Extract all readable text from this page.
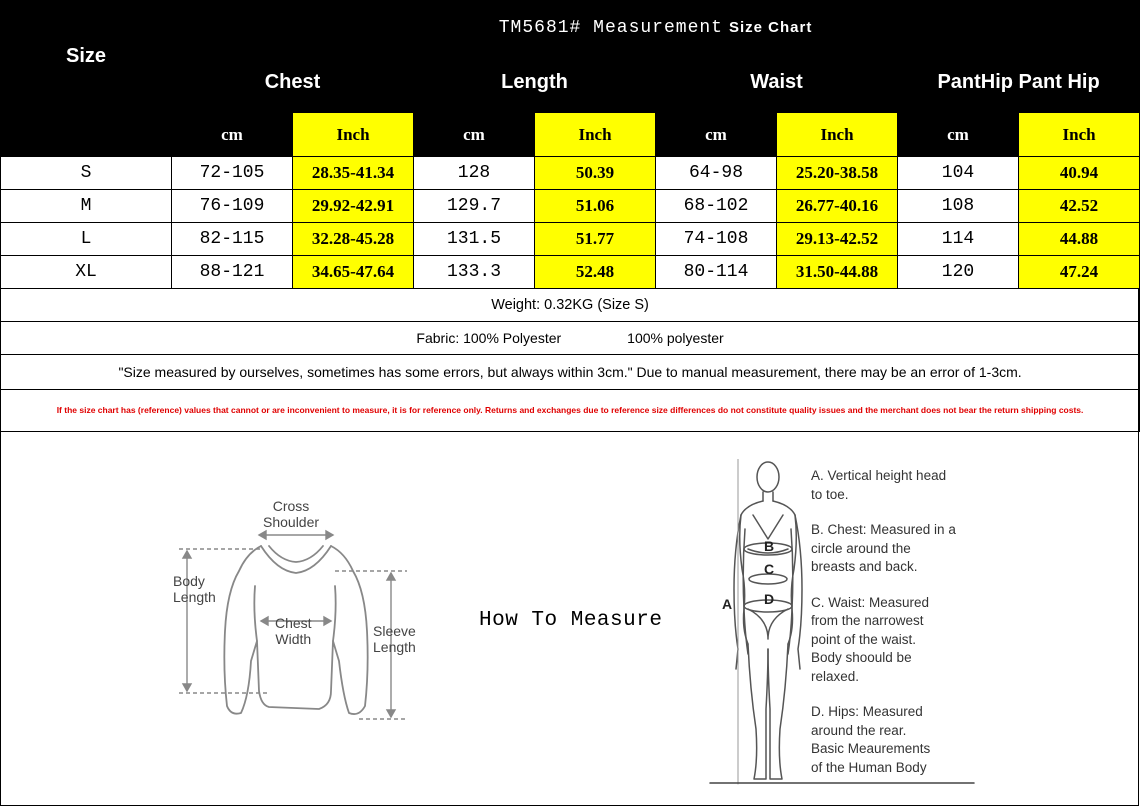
Size	TM5681# Measurement Size Chart							
	Chest		Length		Waist		PantHip Pant Hip	
	cm	Inch	cm	Inch	cm	Inch	cm	Inch
S	72-105	28.35-41.34	128	50.39	64-98	25.20-38.58	104	40.94
M	76-109	29.92-42.91	129.7	51.06	68-102	26.77-40.16	108	42.52
L	82-115	32.28-45.28	131.5	51.77	74-108	29.13-42.52	114	44.88
XL	88-121	34.65-47.64	133.3	52.48	80-114	31.50-44.88	120	47.24
Weight: 0.32KG (Size S)								
Fabric: 100% Polyester 100% polyester								
"Size measured by ourselves, sometimes has some errors, but always within 3cm." Due to manual measurement, there may be an error of 1-3cm.								
If the size chart has (reference) values that cannot or are inconvenient to measure, it is for reference only. Returns and exchanges due to reference size differences do not constitute quality issues and the merchant does not bear the return shipping costs.								
Cross
Shoulder
Body
Length
Chest
Width	Sleeve
Length
How To Measure
A
B
C
D
A. Vertical height head
to toe.
B. Chest: Measured in a
circle around the
breasts and back.
C. Waist: Measured
from the narrowest
point of the waist.
Body shoould be
relaxed.
D. Hips: Measured
around the rear.
Basic Meaurements
of the Human Body
